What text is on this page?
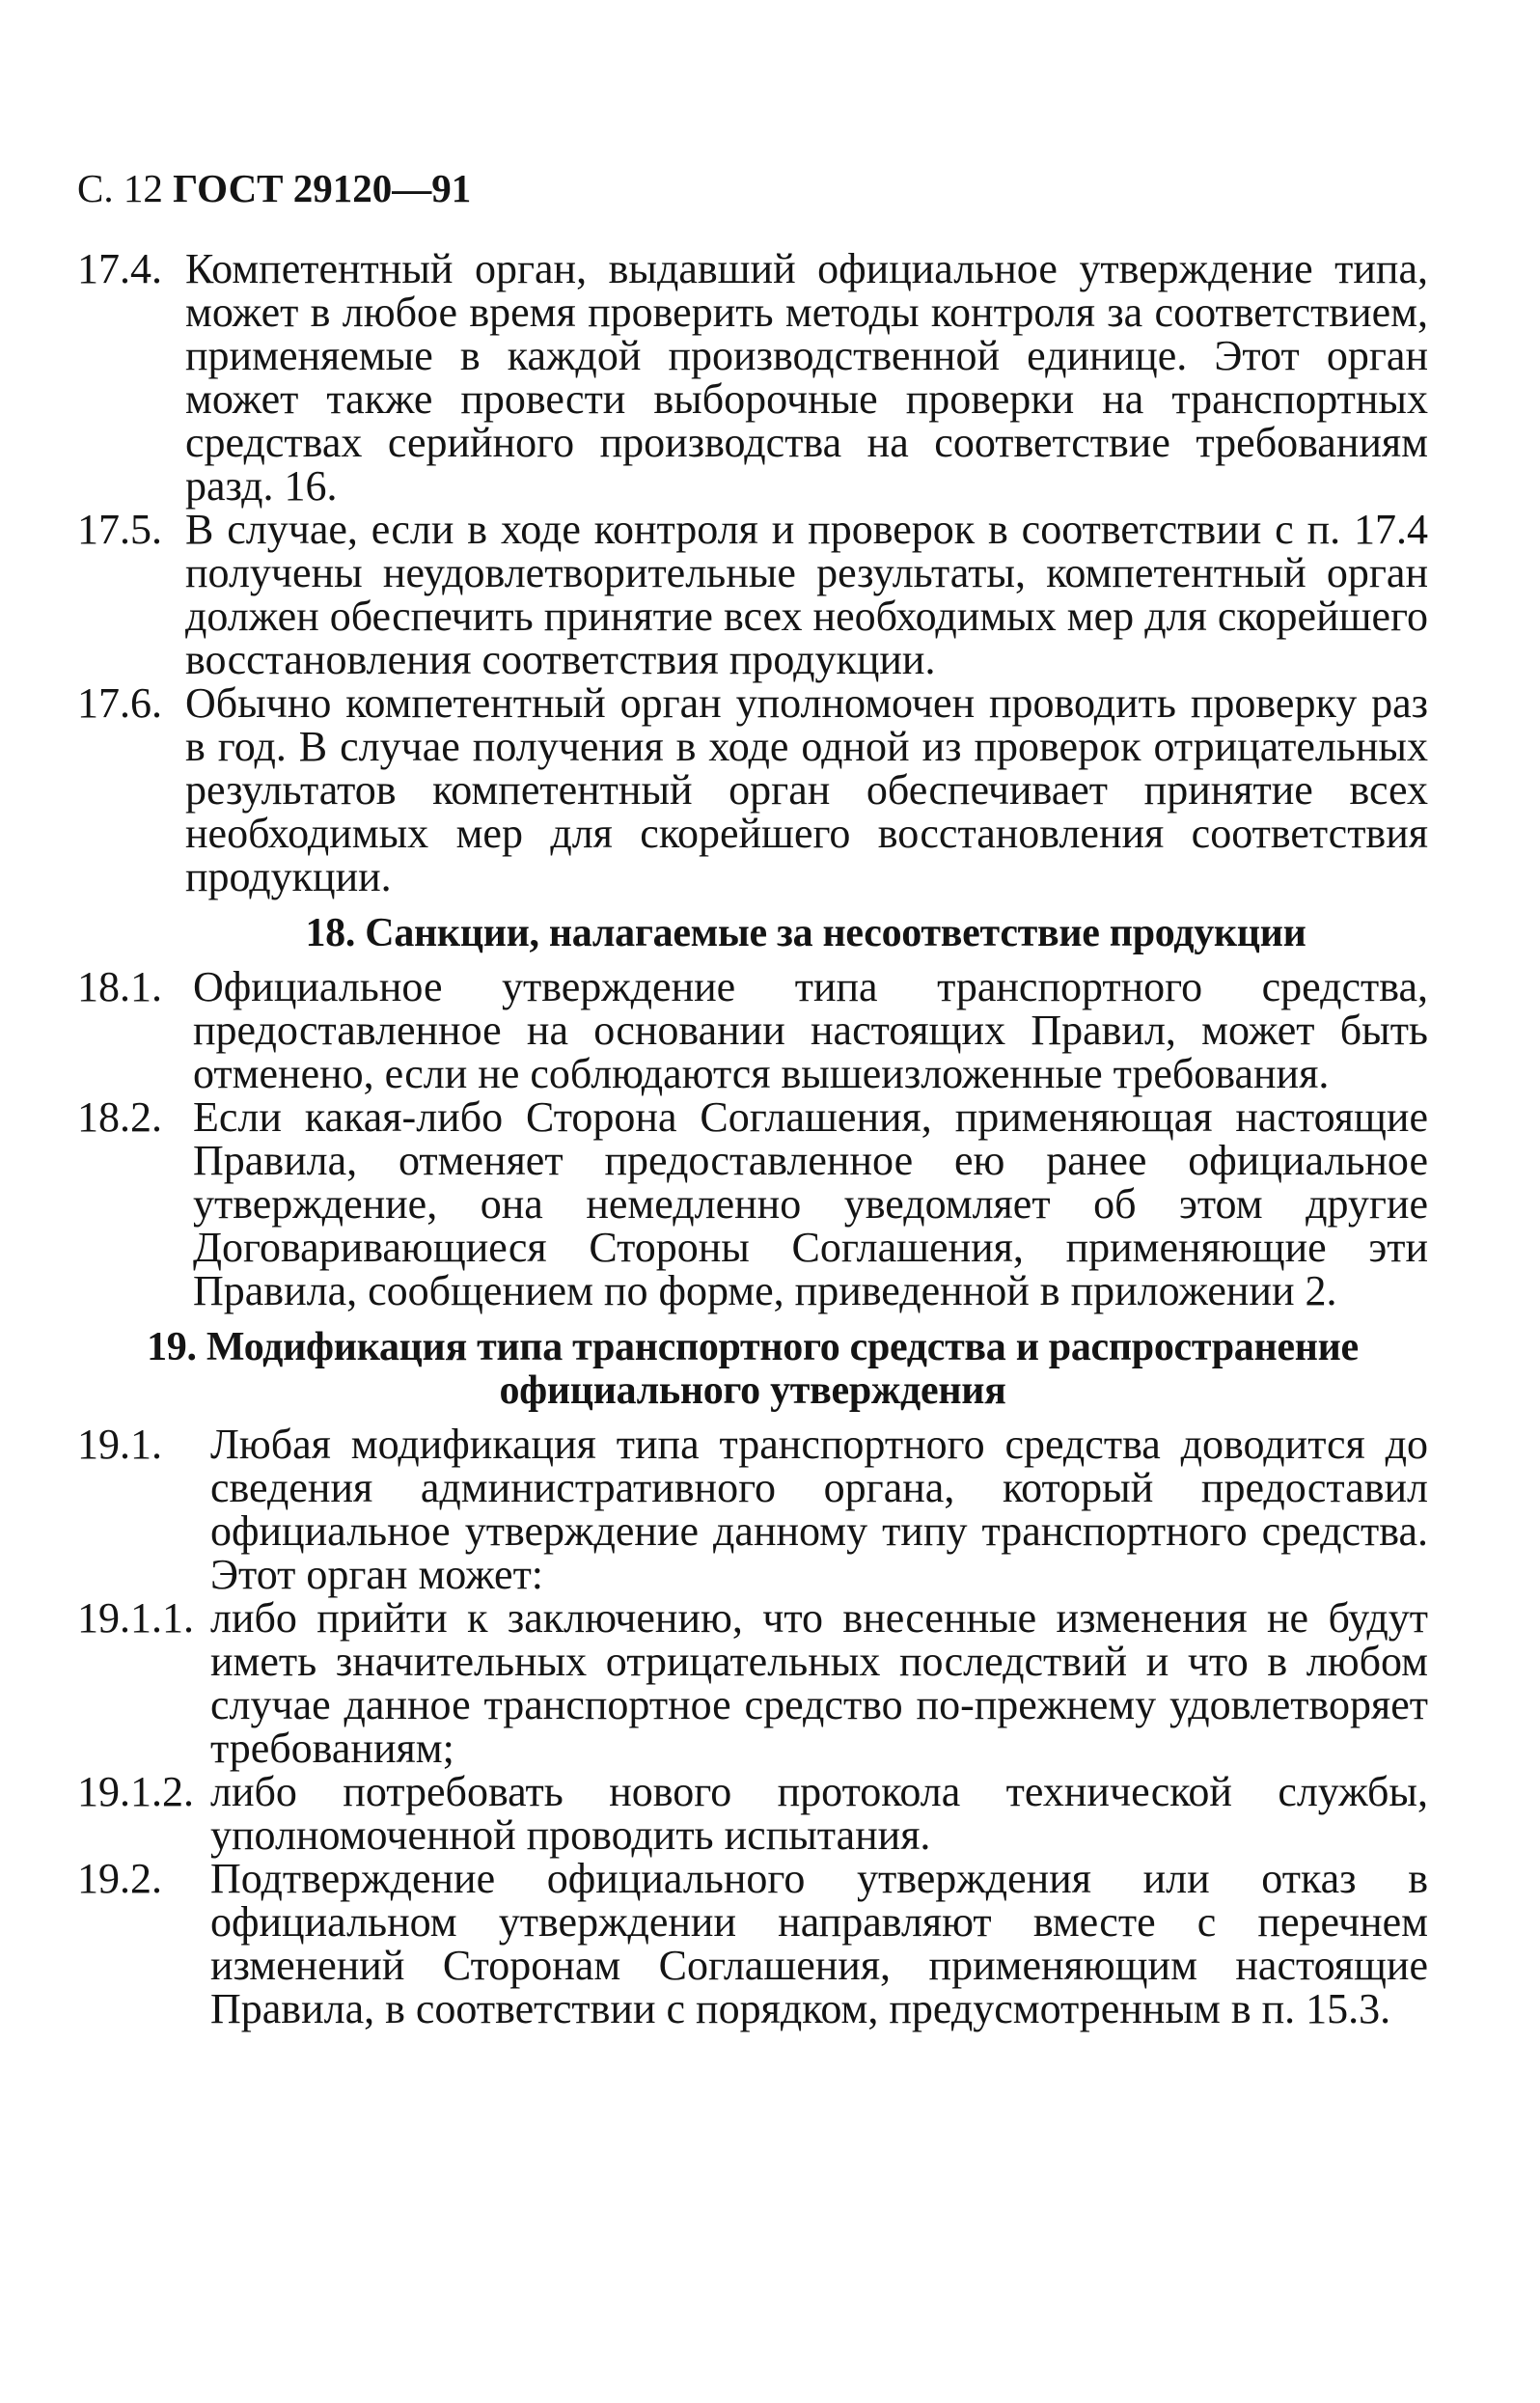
С. 12 ГОСТ 29120—91
17.4. Компетентный орган, выдавший официальное утверждение типа, может в любое время проверить методы контроля за соответствием, применяемые в каждой производственной единице. Этот орган может также провести выборочные проверки на транспортных средствах серийного производства на соответствие требованиям разд. 16.
17.5. В случае, если в ходе контроля и проверок в соответствии с п. 17.4 получены неудовлетворительные результаты, компетентный орган должен обеспечить принятие всех необходимых мер для скорейшего восстановления соответствия продукции.
17.6. Обычно компетентный орган уполномочен проводить проверку раз в год. В случае получения в ходе одной из проверок отрицательных результатов компетентный орган обеспечивает принятие всех необходимых мер для скорейшего восстановления соответствия продукции.
18. Санкции, налагаемые за несоответствие продукции
18.1. Официальное утверждение типа транспортного средства, предоставленное на основании настоящих Правил, может быть отменено, если не соблюдаются вышеизложенные требования.
18.2. Если какая-либо Сторона Соглашения, применяющая настоящие Правила, отменяет предоставленное ею ранее официальное утверждение, она немедленно уведомляет об этом другие Договаривающиеся Стороны Соглашения, применяющие эти Правила, сообщением по форме, приведенной в приложении 2.
19. Модификация типа транспортного средства и распространение официального утверждения
19.1.	Любая модификация типа транспортного средства доводится до сведения административного органа, который предоставил официальное утверждение данному типу транспортного средства. Этот орган может:
19.1.1. либо прийти к заключению, что внесенные изменения не будут иметь значительных отрицательных последствий и что в любом случае данное транспортное средство по-прежнему удовлетворяет требованиям;
19.1.2. либо потребовать нового протокола технической службы, уполномоченной проводить испытания.
19.2.	Подтверждение официального утверждения или отказ в официальном утверждении направляют вместе с перечнем изменений Сторонам Соглашения, применяющим настоящие Правила, в соответствии с порядком, предусмотренным в п. 15.3.
